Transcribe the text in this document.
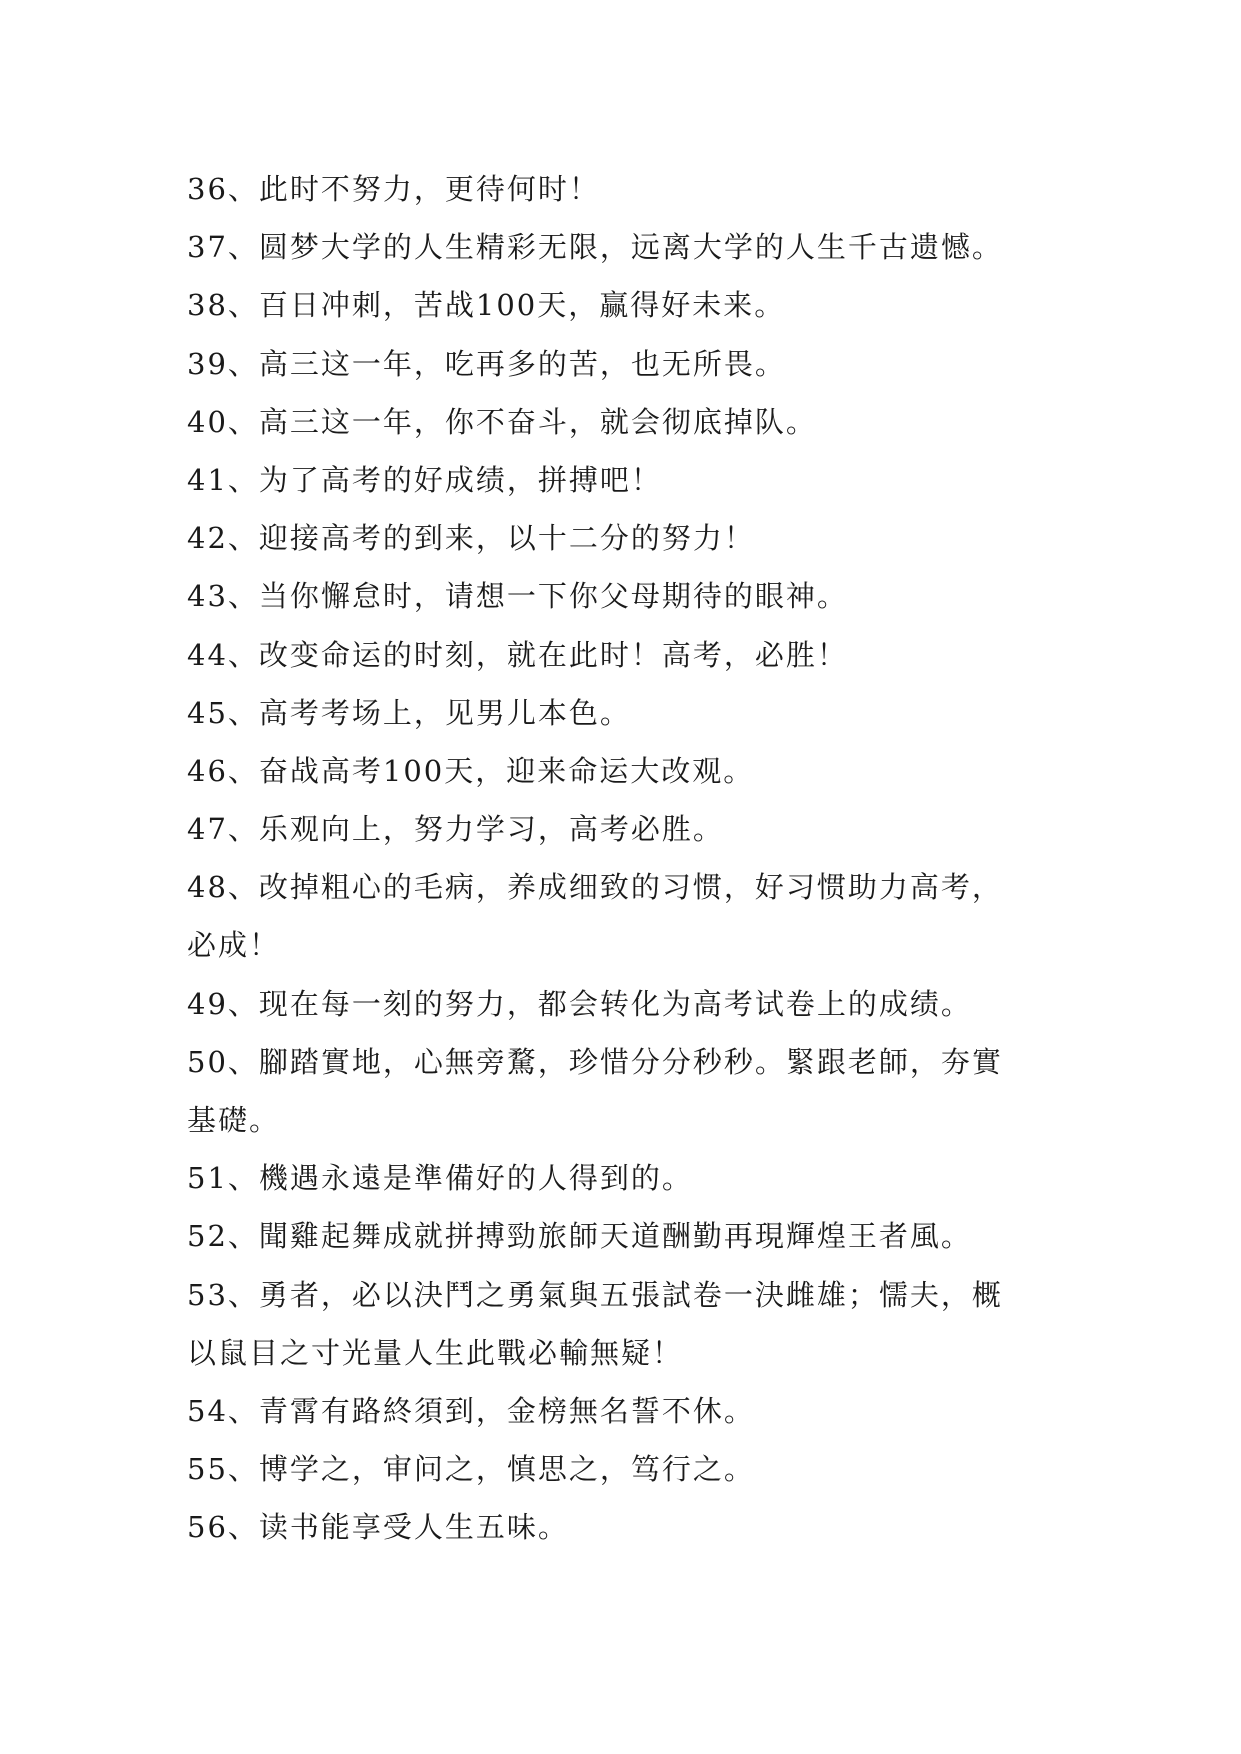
36、此时不努力，更待何时！
37、圆梦大学的人生精彩无限，远离大学的人生千古遗憾。
38、百日冲刺，苦战100天，赢得好未来。
39、高三这一年，吃再多的苦，也无所畏。
40、高三这一年，你不奋斗，就会彻底掉队。
41、为了高考的好成绩，拼搏吧！
42、迎接高考的到来，以十二分的努力！
43、当你懈怠时，请想一下你父母期待的眼神。
44、改变命运的时刻，就在此时！高考，必胜！
45、高考考场上，见男儿本色。
46、奋战高考100天，迎来命运大改观。
47、乐观向上，努力学习，高考必胜。
48、改掉粗心的毛病，养成细致的习惯，好习惯助力高考，
必成！
49、现在每一刻的努力，都会转化为高考试卷上的成绩。
50、腳踏實地，心無旁騖，珍惜分分秒秒。緊跟老師，夯實
基礎。
51、機遇永遠是準備好的人得到的。
52、聞雞起舞成就拼搏勁旅師天道酬勤再現輝煌王者風。
53、勇者，必以決鬥之勇氣與五張試卷一決雌雄；懦夫，概
以鼠目之寸光量人生此戰必輸無疑！
54、青霄有路終須到，金榜無名誓不休。
55、博学之，审问之，慎思之，笃行之。
56、读书能享受人生五味。
